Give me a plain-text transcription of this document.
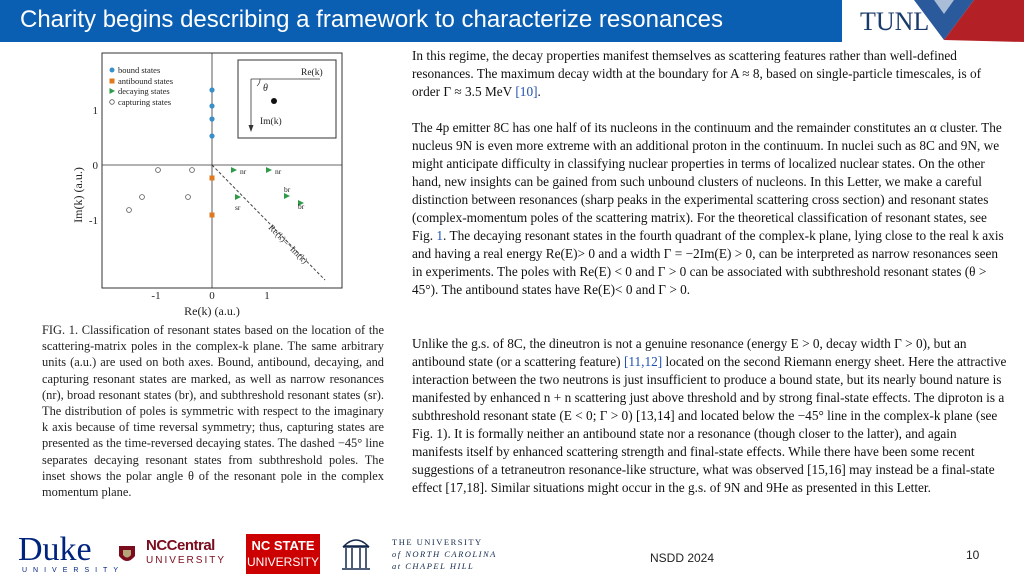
Charity begins describing a framework to characterize resonances	TUNL
Re(k)=−Im(k)
bound states
antibound states
decaying states
capturing states
Re(k)
Im(k)
θ
nr	nr
br
br
sr
-1	0	1
1
0
-1
Re(k) (a.u.)
Im(k) (a.u.)

FIG. 1. Classification of resonant states based on the location of the scattering-matrix poles in the complex-k plane. The same arbitrary units (a.u.) are used on both axes. Bound, antibound, decaying, and capturing resonant states are marked, as well as narrow resonances (nr), broad resonant states (br), and subthreshold resonant states (sr). The distribution of poles is symmetric with respect to the imaginary k axis because of time reversal symmetry; thus, capturing states are presented as the time-reversed decaying states. The dashed −45° line separates decaying resonant states from subthreshold poles. The inset shows the polar angle θ of the resonant pole in the complex momentum plane.

In this regime, the decay properties manifest themselves as scattering features rather than well-defined resonances. The maximum decay width at the boundary for A ≈ 8, based on single-particle timescales, is of order Γ ≈ 3.5 MeV [10].

The 4p emitter 8C has one half of its nucleons in the continuum and the remainder constitutes an α cluster. The nucleus 9N is even more extreme with an additional proton in the continuum. In nuclei such as 8C and 9N, we might anticipate difficulty in classifying nuclear properties in terms of localized nuclear states. On the other hand, new insights can be gained from such unbound clusters of nucleons. In this Letter, we make a careful distinction between resonances (sharp peaks in the experimental scattering cross section) and resonant states (complex-momentum poles of the scattering matrix). For the theoretical classification of resonant states, see Fig. 1. The decaying resonant states in the fourth quadrant of the complex-k plane, lying close to the real k axis and having a real energy Re(E)> 0 and a width Γ = −2Im(E) > 0, can be interpreted as narrow resonances seen in experiments. The poles with Re(E) < 0 and Γ > 0 can be associated with subthreshold resonant states (θ > 45°). The antibound states have Re(E)< 0 and Γ > 0.

Unlike the g.s. of 8C, the dineutron is not a genuine resonance (energy E > 0, decay width Γ > 0), but an antibound state (or a scattering feature) [11,12] located on the second Riemann energy sheet. Here the attractive interaction between the two neutrons is just insufficient to produce a bound state, but its nearly bound nature is manifested by enhanced n + n scattering just above threshold and by strong final-state effects. The diproton is a subthreshold resonant state (E < 0; Γ > 0) [13,14] and located below the −45° line in the complex-k plane (see Fig. 1). It is formally neither an antibound state nor a resonance (though closer to the latter), and again manifests itself by enhanced scattering strength and final-state effects. While there have been some recent suggestions of a tetraneutron resonance-like structure, what was observed [15,16] may instead be a final-state effect [17,18]. Similar situations might occur in the g.s. of 9N and 9He as presented in this Letter.

Duke
UNIVERSITY
NCCentral
UNIVERSITY
NC STATE
UNIVERSITY
THE UNIVERSITY
of NORTH CAROLINA
at CHAPEL HILL
NSDD 2024	10
